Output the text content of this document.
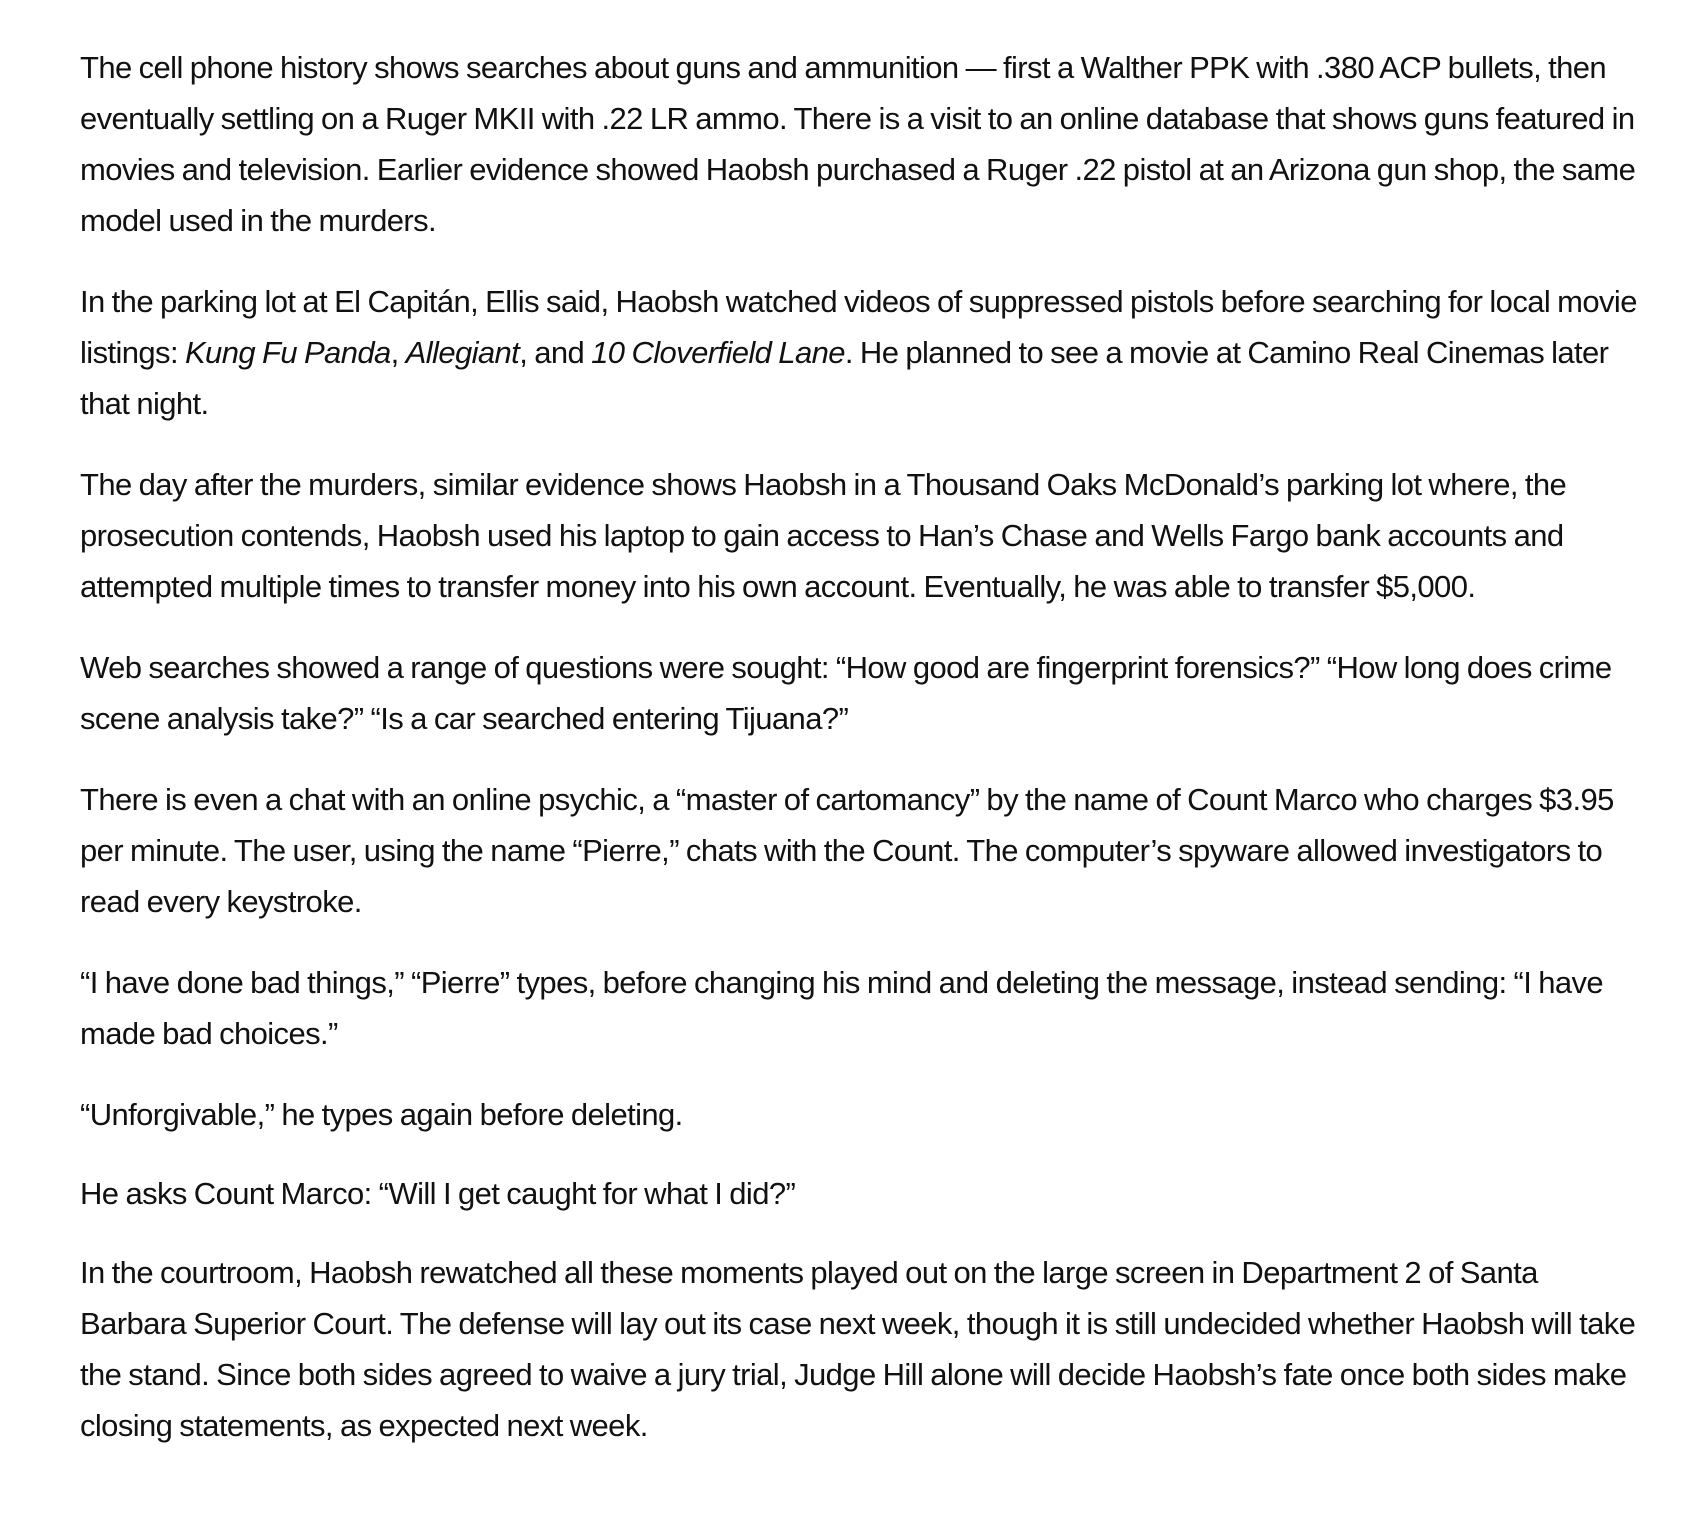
The cell phone history shows searches about guns and ammunition — first a Walther PPK with .380 ACP bullets, then eventually settling on a Ruger MKII with .22 LR ammo. There is a visit to an online database that shows guns featured in movies and television. Earlier evidence showed Haobsh purchased a Ruger .22 pistol at an Arizona gun shop, the same model used in the murders.

In the parking lot at El Capitán, Ellis said, Haobsh watched videos of suppressed pistols before searching for local movie listings: Kung Fu Panda, Allegiant, and 10 Cloverfield Lane. He planned to see a movie at Camino Real Cinemas later that night.

The day after the murders, similar evidence shows Haobsh in a Thousand Oaks McDonald’s parking lot where, the prosecution contends, Haobsh used his laptop to gain access to Han’s Chase and Wells Fargo bank accounts and attempted multiple times to transfer money into his own account. Eventually, he was able to transfer $5,000.

Web searches showed a range of questions were sought: “How good are fingerprint forensics?” “How long does crime scene analysis take?” “Is a car searched entering Tijuana?”

There is even a chat with an online psychic, a “master of cartomancy” by the name of Count Marco who charges $3.95 per minute. The user, using the name “Pierre,” chats with the Count. The computer’s spyware allowed investigators to read every keystroke.

“I have done bad things,” “Pierre” types, before changing his mind and deleting the message, instead sending: “I have made bad choices.”

“Unforgivable,” he types again before deleting.

He asks Count Marco: “Will I get caught for what I did?”

In the courtroom, Haobsh rewatched all these moments played out on the large screen in Department 2 of Santa Barbara Superior Court. The defense will lay out its case next week, though it is still undecided whether Haobsh will take the stand. Since both sides agreed to waive a jury trial, Judge Hill alone will decide Haobsh’s fate once both sides make closing statements, as expected next week.
